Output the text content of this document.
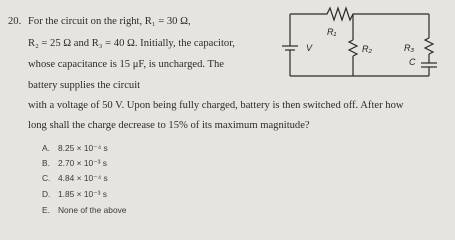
20. For the circuit on the right, R₁ = 30 Ω,
R₂ = 25 Ω and R₃ = 40 Ω. Initially, the capacitor,
whose capacitance is 15 μF, is uncharged. The
battery supplies the circuit
with a voltage of 50 V. Upon being fully charged, battery is then switched off. After how
long shall the charge decrease to 15% of its maximum magnitude?
A. 8.25 × 10⁻⁴ s
B. 2.70 × 10⁻³ s
C. 4.84 × 10⁻⁴ s
D. 1.85 × 10⁻³ s
E. None of the above
V
R₁
R₂	R₃
C
